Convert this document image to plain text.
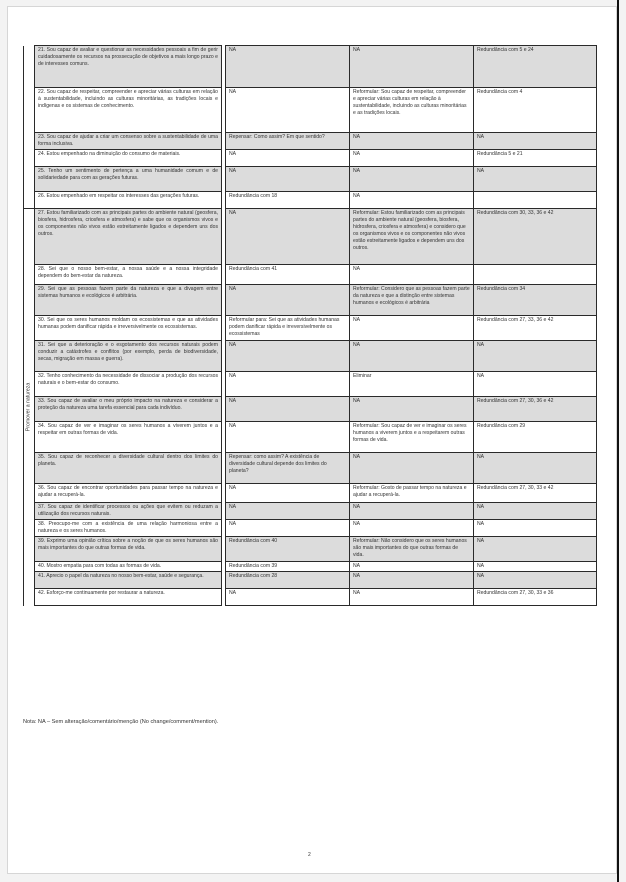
	21. Sou capaz de avaliar e questionar as necessidades pessoais a fim de gerir cuidadosamente os recursos na prossecução de objetivos a mais longo prazo e de interesses comuns.		NA	NA	Redundância com 5 e 24
	22. Sou capaz de respeitar, compreender e apreciar várias culturas em relação à sustentabilidade, incluindo as culturas minoritárias, as tradições locais e indígenas e os sistemas de conhecimento.		NA	Reformular: Sou capaz de respeitar, compreender e apreciar várias culturas em relação à sustentabilidade, incluindo as culturas minoritárias e as tradições locais.	Redundância com 4
	23. Sou capaz de ajudar a criar um consenso sobre a sustentabilidade de uma forma inclusiva.		Repensar: Como assim? Em que sentido?	NA	NA
	24. Estou empenhado na diminuição do consumo de materiais.		NA	NA	Redundância 5 e 21
	25. Tenho um sentimento de pertença a uma humanidade comum e de solidariedade para com as gerações futuras.		NA	NA	NA
	26. Estou empenhado em respeitar os interesses das gerações futuras.		Redundância com 18	NA	

Promover a natureza
	27. Estou familiarizado com as principais partes do ambiente natural (geosfera, biosfera, hidrosfera, criosfera e atmosfera) e sabe que os organismos vivos e os componentes não vivos estão estreitamente ligados e dependem uns dos outros.		NA	Reformular: Estou familiarizado com as principais partes do ambiente natural (geosfera, biosfera, hidrosfera, criosfera e atmosfera) e considero que os organismos vivos e os componentes não vivos estão estreitamente ligados e dependem uns dos outros.	Redundância com 30, 33, 36 e 42
	28. Sei que o nosso bem-estar, a nossa saúde e a nossa integridade dependem do bem-estar da natureza.		Redundância com 41	NA	
	29. Sei que as pessoas fazem parte da natureza e que a divagem entre sistemas humanos e ecológicos é arbitrária.		NA	Reformular: Considero que as pessoas fazem parte da natureza e que a distinção entre sistemas humanos e ecológicos é arbitrária	Redundância com 34
	30. Sei que os seres humanos moldam os ecossistemas e que as atividades humanas podem danificar rápida e irreversivelmente os ecossistemas.		Reformular para: Sei que as atividades humanas podem danificar rápida e irreversivelmente os ecossistemas	NA	Redundância com 27, 33, 36 e 42
	31. Sei que a deterioração e o esgotamento dos recursos naturais podem conduzir a catástrofes e conflitos (por exemplo, perda de biodiversidade, secas, migração em massa e guerra).		NA	NA	NA
	32. Tenho conhecimento da necessidade de dissociar a produção dos recursos naturais e o bem-estar do consumo.		NA	Eliminar	NA
	33. Sou capaz de avaliar o meu próprio impacto na natureza e considerar a proteção da natureza uma tarefa essencial para cada indivíduo.		NA	NA	Redundância com 27, 30, 36 e 42
	34. Sou capaz de ver e imaginar os seres humanos a viverem juntos e a respeitar em outras formas de vida.		NA	Reformular: Sou capaz de ver e imaginar os seres humanos a viverem juntos e a respeitarem outras formas de vida.	Redundância com 29
	35. Sou capaz de reconhecer a diversidade cultural dentro dos limites do planeta.		Repensar: como assim? A existência de diversidade cultural depende dos limites do planeta?	NA	NA
	36. Sou capaz de encontrar oportunidades para passar tempo na natureza e ajudar a recuperá-la.		NA	Reformular: Gosto de passar tempo na natureza e ajudar a recuperá-la.	Redundância com 27, 30, 33 e 42
	37. Sou capaz de identificar processos ou ações que evitem ou reduzam a utilização dos recursos naturais.		NA	NA	NA
	38. Preocupo-me com a existência de uma relação harmoniosa entre a natureza e os seres humanos.		NA	NA	NA
	39. Exprimo uma opinião crítica sobre a noção de que os seres humanos são mais importantes do que outras formas de vida.		Redundância com 40	Reformular: Não considero que os seres humanos são mais importantes do que outras formas de vida.	NA
	40. Mostro empatia para com todas as formas de vida.		Redundância com 39	NA	NA
	41. Aprecio o papel da natureza no nosso bem-estar, saúde e segurança.		Redundância com 28	NA	NA
	42. Esforço-me continuamente por restaurar a natureza.		NA	NA	Redundância com 27, 30, 33 e 36
Nota: NA – Sem alteração/comentário/menção (No change/comment/mention).
2
